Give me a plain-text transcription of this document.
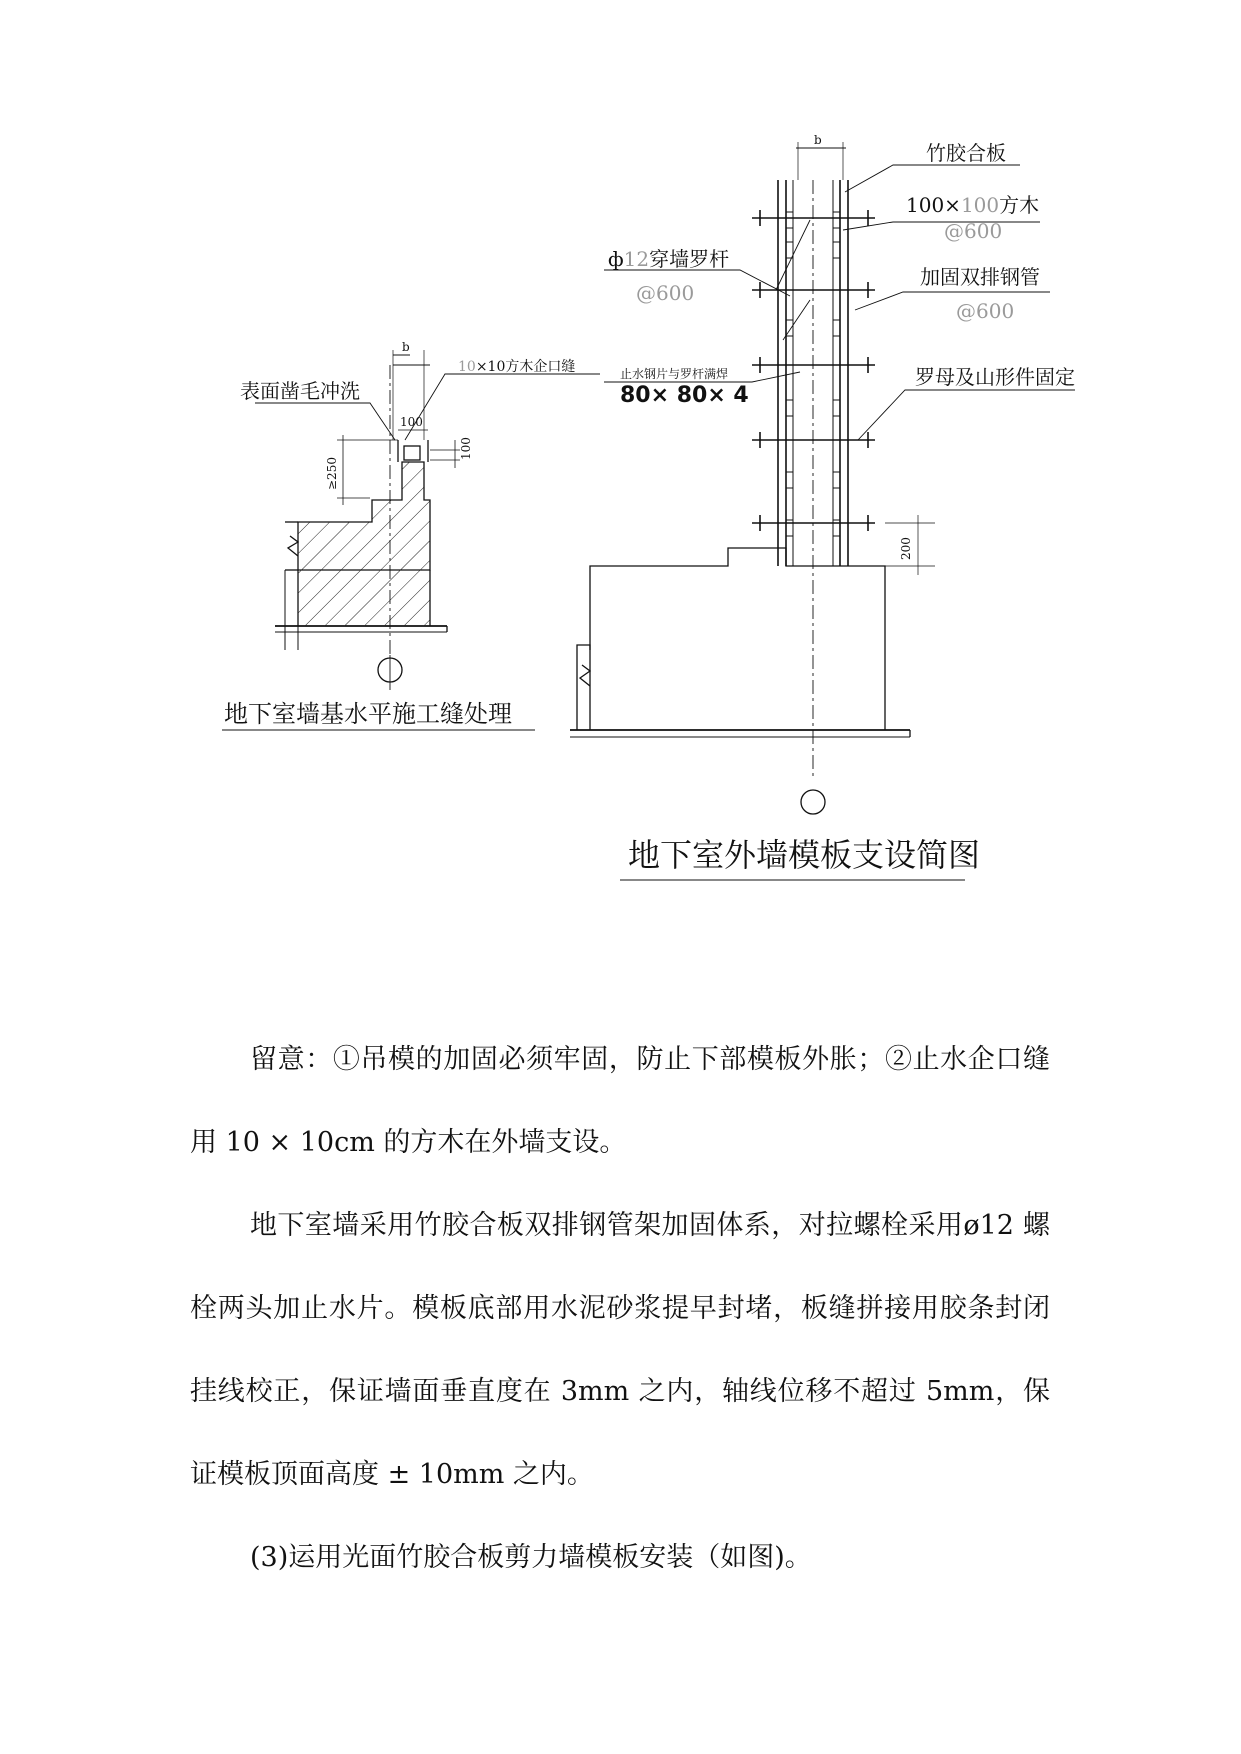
b
100
100
≥250
表面凿毛冲洗
10×10方木企口缝
地下室墙基水平施工缝处理
b
200
竹胶合板
100×100方木
@600
ф12穿墙罗杆
@600
加固双排钢管
@600
止水钢片与罗杆满焊
80× 80× 4
罗母及山形件固定
地下室外墙模板支设简图

留意：①吊模的加固必须牢固，防止下部模板外胀；②止水企口缝用 10 × 10cm 的方木在外墙支设。

地下室墙采用竹胶合板双排钢管架加固体系，对拉螺栓采用ø12 螺栓两头加止水片。模板底部用水泥砂浆提早封堵，板缝拼接用胶条封闭挂线校正，保证墙面垂直度在 3mm 之内，轴线位移不超过 5mm，保证模板顶面高度 ± 10mm 之内。

(3)运用光面竹胶合板剪力墙模板安装（如图)。
